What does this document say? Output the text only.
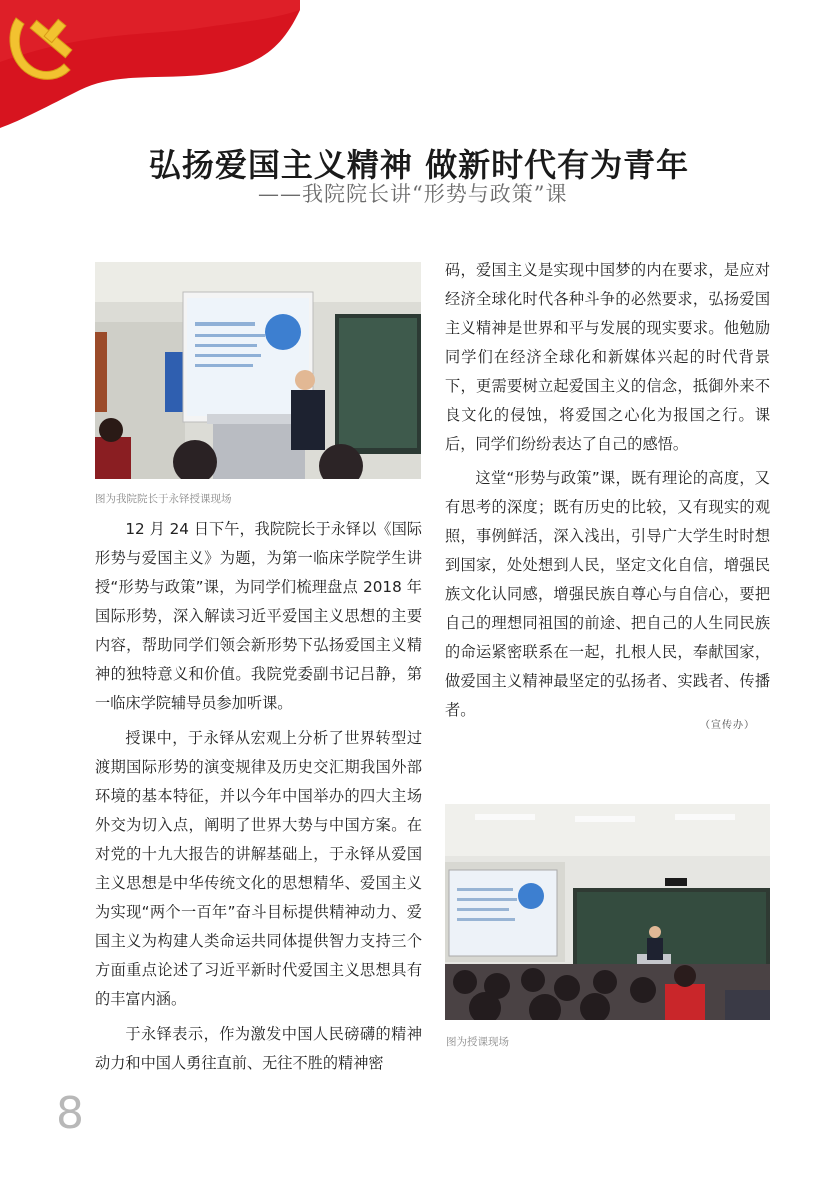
弘扬爱国主义精神 做新时代有为青年
——我院院长讲“形势与政策”课
图为我院院长于永铎授课现场

12 月 24 日下午，我院院长于永铎以《国际形势与爱国主义》为题，为第一临床学院学生讲授“形势与政策”课，为同学们梳理盘点 2018 年国际形势，深入解读习近平爱国主义思想的主要内容，帮助同学们领会新形势下弘扬爱国主义精神的独特意义和价值。我院党委副书记吕静，第一临床学院辅导员参加听课。

授课中，于永铎从宏观上分析了世界转型过渡期国际形势的演变规律及历史交汇期我国外部环境的基本特征，并以今年中国举办的四大主场外交为切入点，阐明了世界大势与中国方案。在对党的十九大报告的讲解基础上，于永铎从爱国主义思想是中华传统文化的思想精华、爱国主义为实现“两个一百年”奋斗目标提供精神动力、爱国主义为构建人类命运共同体提供智力支持三个方面重点论述了习近平新时代爱国主义思想具有的丰富内涵。

于永铎表示，作为激发中国人民磅礴的精神动力和中国人勇往直前、无往不胜的精神密

码，爱国主义是实现中国梦的内在要求，是应对经济全球化时代各种斗争的必然要求，弘扬爱国主义精神是世界和平与发展的现实要求。他勉励同学们在经济全球化和新媒体兴起的时代背景下，更需要树立起爱国主义的信念，抵御外来不良文化的侵蚀，将爱国之心化为报国之行。课后，同学们纷纷表达了自己的感悟。

这堂“形势与政策”课，既有理论的高度，又有思考的深度；既有历史的比较，又有现实的观照，事例鲜活，深入浅出，引导广大学生时时想到国家，处处想到人民，坚定文化自信，增强民族文化认同感，增强民族自尊心与自信心，要把自己的理想同祖国的前途、把自己的人生同民族的命运紧密联系在一起，扎根人民，奉献国家，做爱国主义精神最坚定的弘扬者、实践者、传播者。

（宣传办）
图为授课现场
8
